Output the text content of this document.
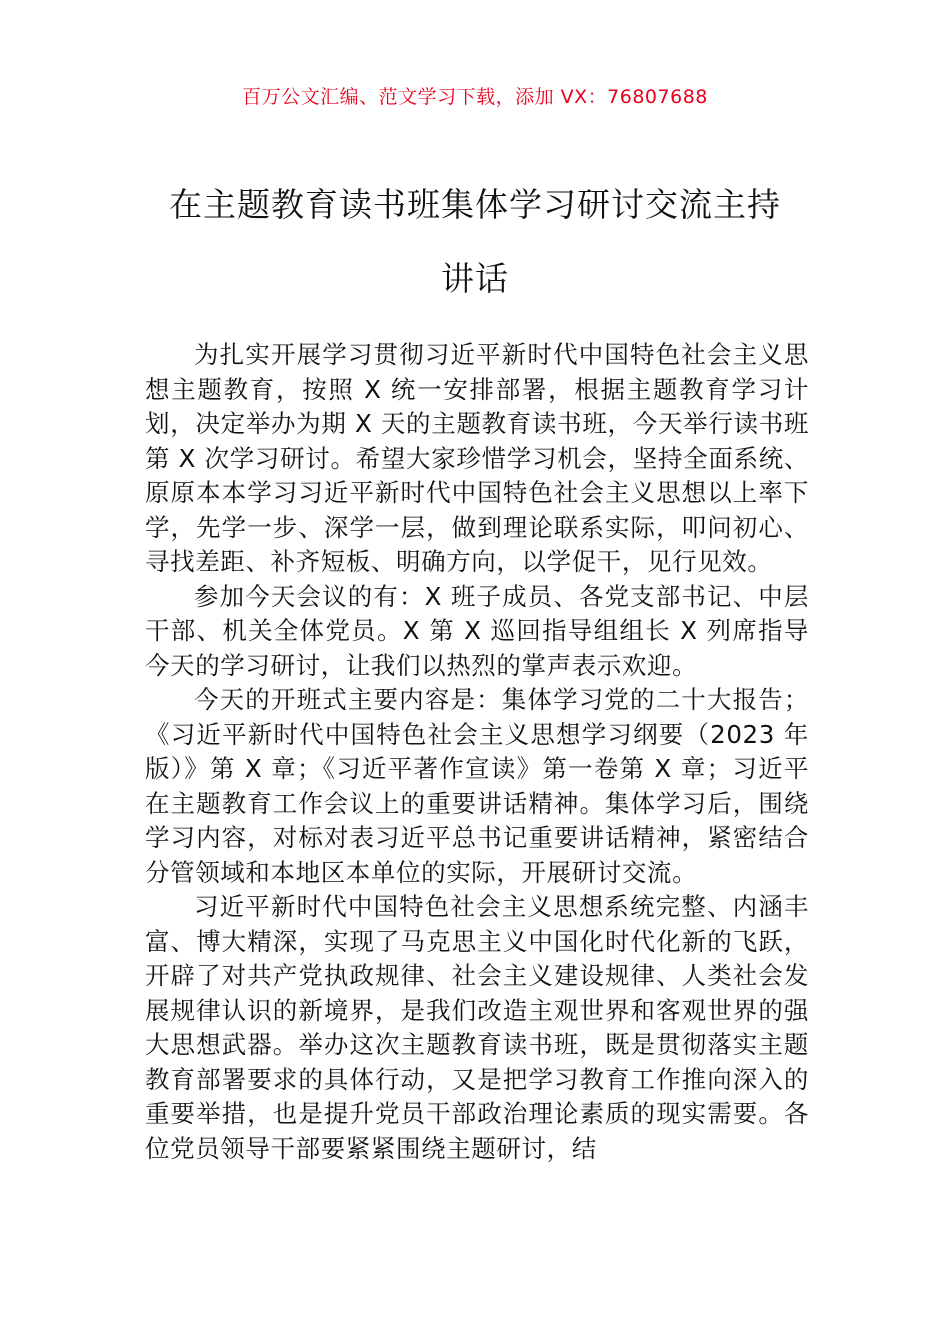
百万公文汇编、范文学习下载，添加 VX：76807688
在主题教育读书班集体学习研讨交流主持
讲话

为扎实开展学习贯彻习近平新时代中国特色社会主义思想主题教育，按照 X 统一安排部署，根据主题教育学习计划，决定举办为期 X 天的主题教育读书班，今天举行读书班第 X 次学习研讨。希望大家珍惜学习机会，坚持全面系统、原原本本学习习近平新时代中国特色社会主义思想以上率下学，先学一步、深学一层，做到理论联系实际，叩问初心、寻找差距、补齐短板、明确方向，以学促干，见行见效。

参加今天会议的有：X 班子成员、各党支部书记、中层干部、机关全体党员。X 第 X 巡回指导组组长 X 列席指导今天的学习研讨，让我们以热烈的掌声表示欢迎。

今天的开班式主要内容是：集体学习党的二十大报告；《习近平新时代中国特色社会主义思想学习纲要（2023 年版）》第 X 章；《习近平著作宣读》第一卷第 X 章；习近平在主题教育工作会议上的重要讲话精神。集体学习后，围绕学习内容，对标对表习近平总书记重要讲话精神，紧密结合分管领域和本地区本单位的实际，开展研讨交流。

习近平新时代中国特色社会主义思想系统完整、内涵丰富、博大精深，实现了马克思主义中国化时代化新的飞跃，开辟了对共产党执政规律、社会主义建设规律、人类社会发展规律认识的新境界，是我们改造主观世界和客观世界的强大思想武器。举办这次主题教育读书班，既是贯彻落实主题教育部署要求的具体行动，又是把学习教育工作推向深入的重要举措，也是提升党员干部政治理论素质的现实需要。各位党员领导干部要紧紧围绕主题研讨，结
